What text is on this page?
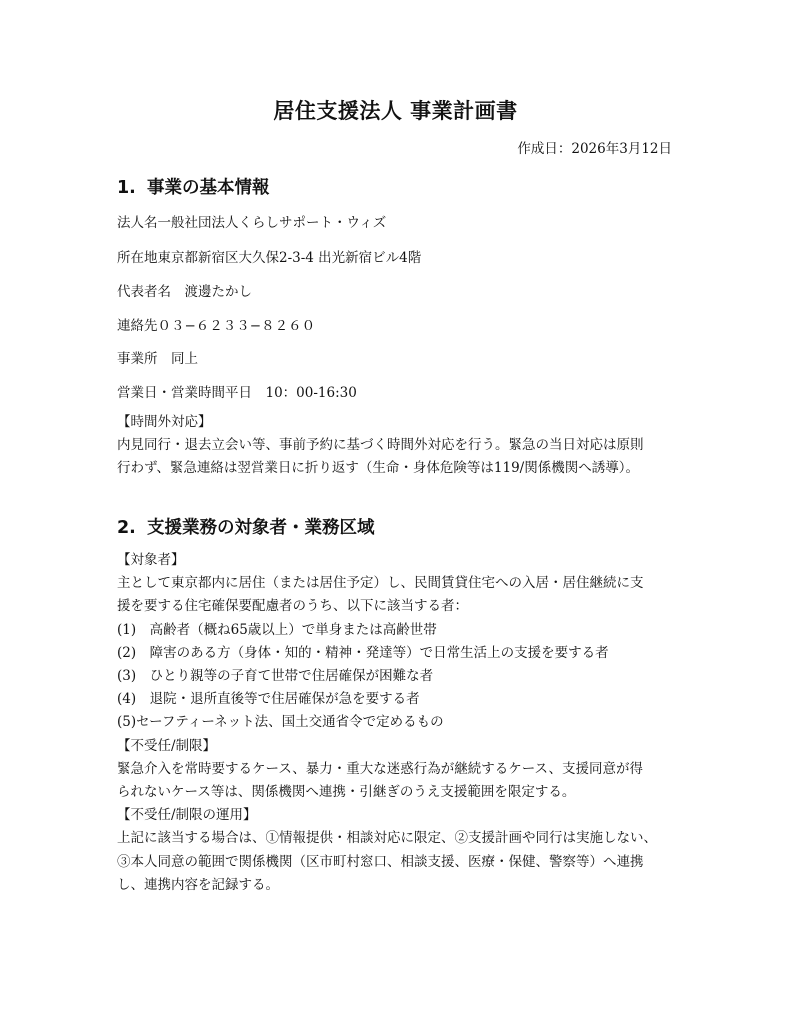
居住支援法人 事業計画書
作成日：2026年3月12日
1. 事業の基本情報
法人名一般社団法人くらしサポート・ウィズ
所在地東京都新宿区大久保2-3-4 出光新宿ビル4階
代表者名　渡邊たかし
連絡先０３−６２３３−８２６０
事業所　同上
営業日・営業時間平日　10：00-16:30
【時間外対応】
内見同行・退去立会い等、事前予約に基づく時間外対応を行う。緊急の当日対応は原則
行わず、緊急連絡は翌営業日に折り返す（生命・身体危険等は119/関係機関へ誘導）。
2. 支援業務の対象者・業務区域
【対象者】
主として東京都内に居住（または居住予定）し、民間賃貸住宅への入居・居住継続に支
援を要する住宅確保要配慮者のうち、以下に該当する者：
(1)　高齢者（概ね65歳以上）で単身または高齢世帯
(2)　障害のある方（身体・知的・精神・発達等）で日常生活上の支援を要する者
(3)　ひとり親等の子育て世帯で住居確保が困難な者
(4)　退院・退所直後等で住居確保が急を要する者
(5)セーフティーネット法、国土交通省令で定めるもの
【不受任/制限】
緊急介入を常時要するケース、暴力・重大な迷惑行為が継続するケース、支援同意が得
られないケース等は、関係機関へ連携・引継ぎのうえ支援範囲を限定する。
【不受任/制限の運用】
上記に該当する場合は、①情報提供・相談対応に限定、②支援計画や同行は実施しない、
③本人同意の範囲で関係機関（区市町村窓口、相談支援、医療・保健、警察等）へ連携
し、連携内容を記録する。
